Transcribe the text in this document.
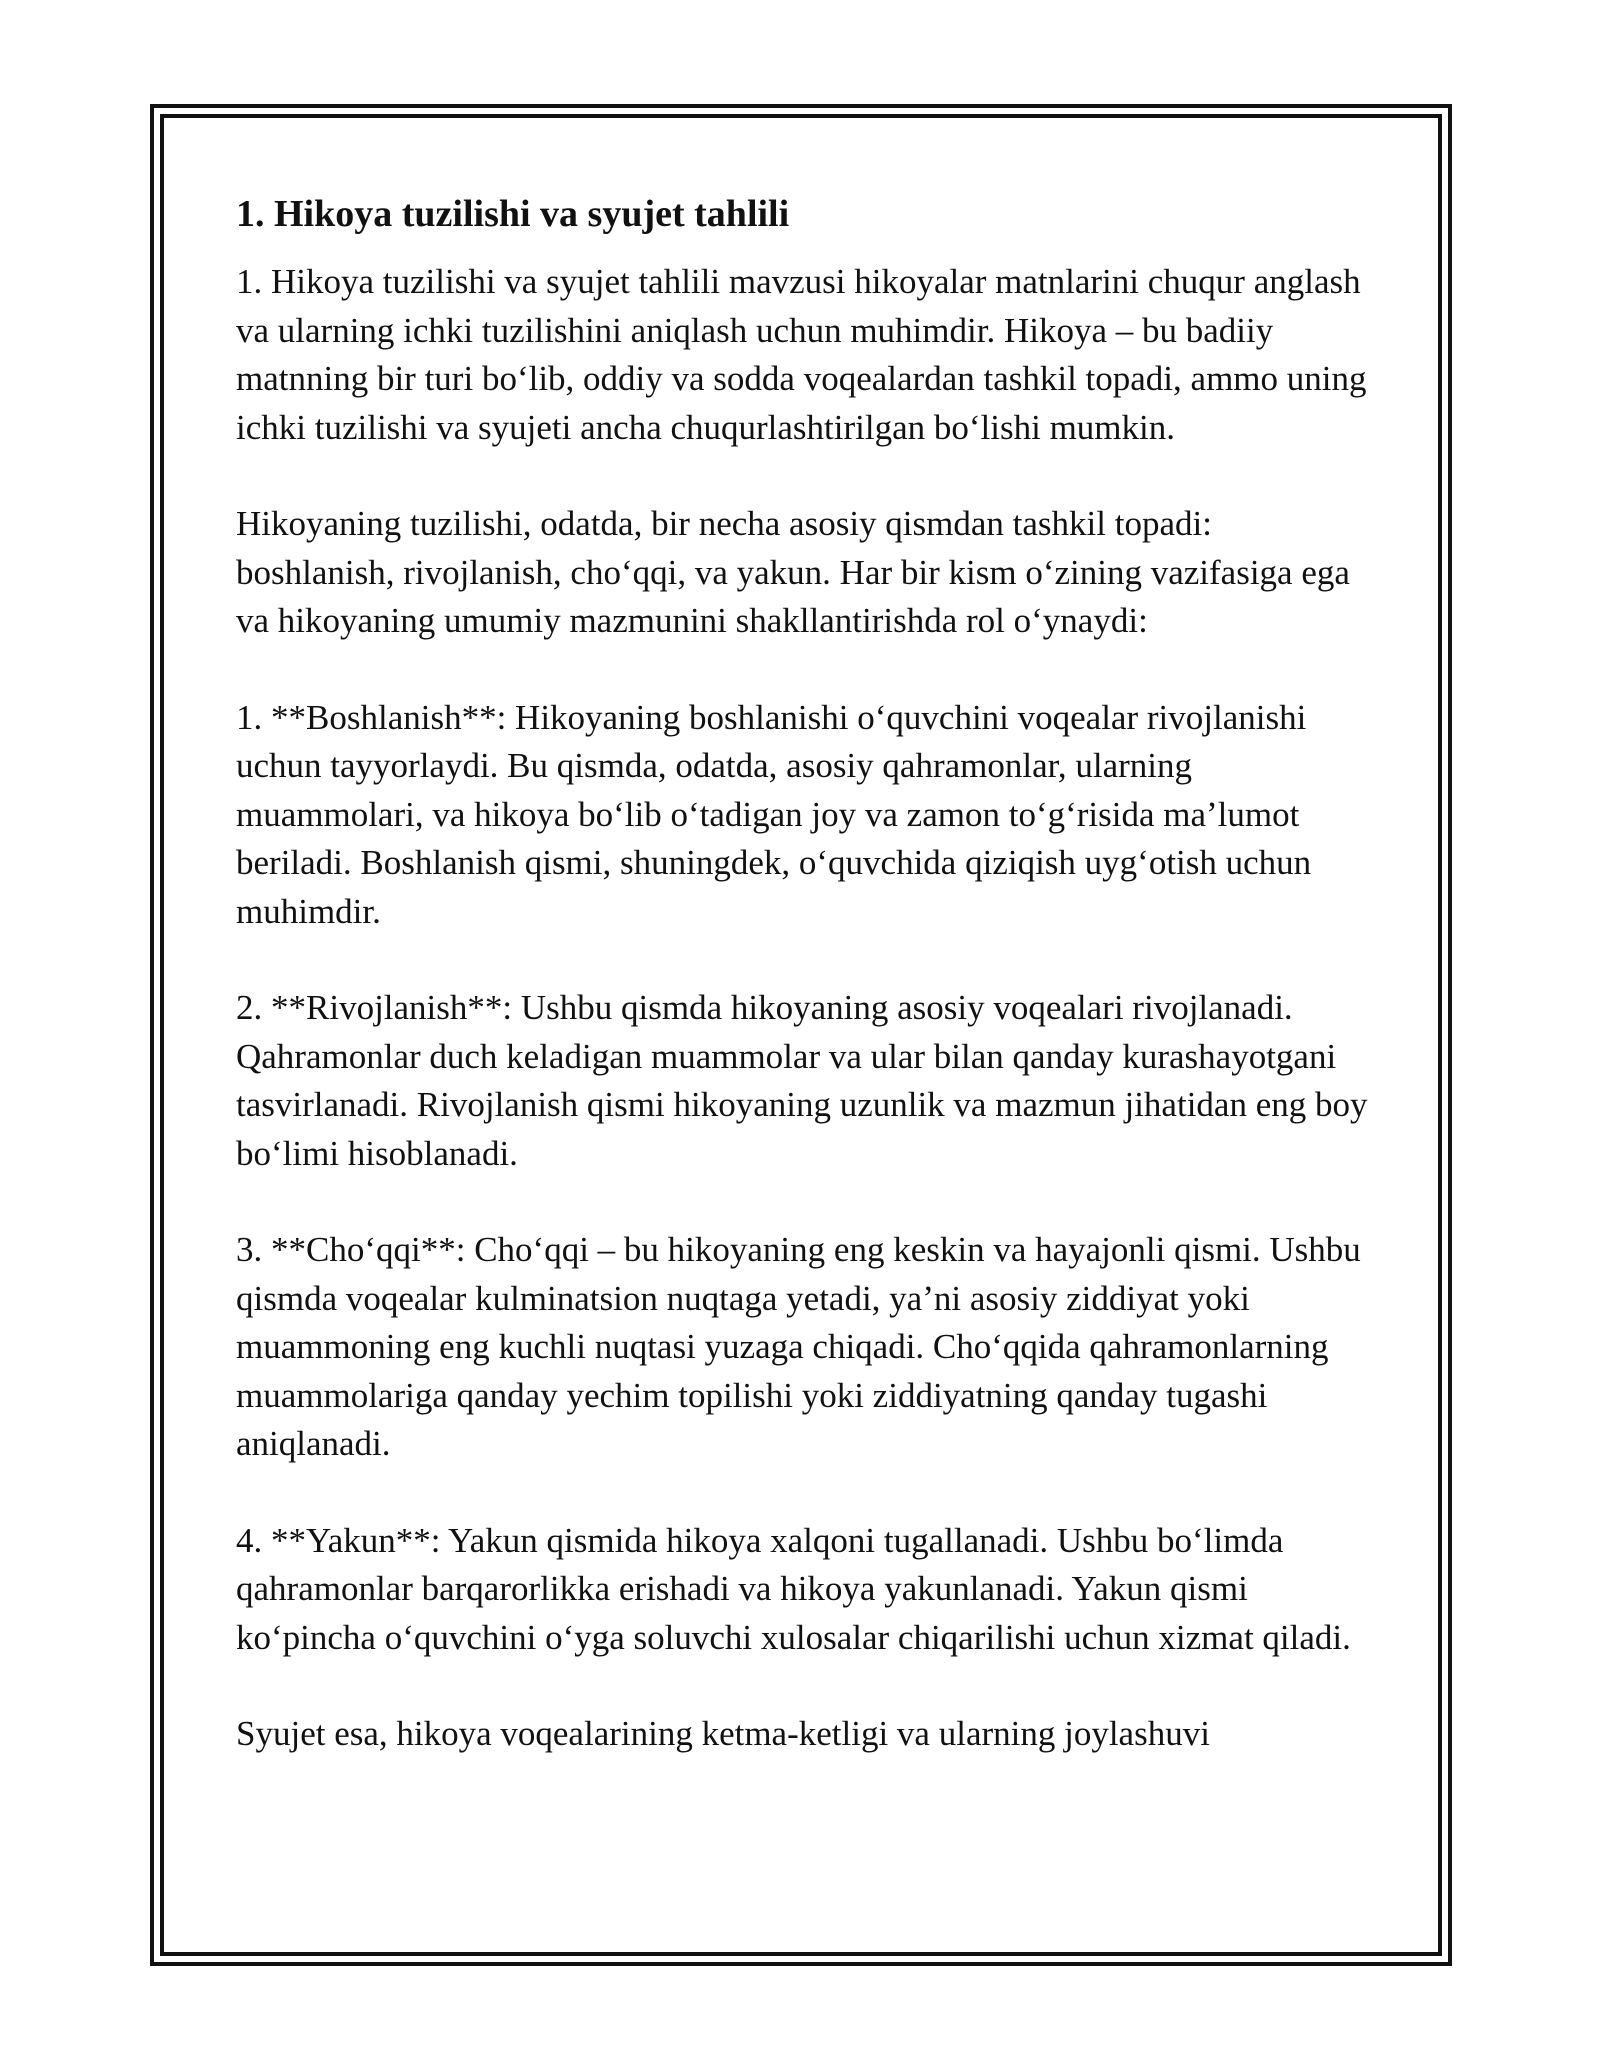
1. Hikoya tuzilishi va syujet tahlili

1. Hikoya tuzilishi va syujet tahlili mavzusi hikoyalar matnlarini chuqur anglash va ularning ichki tuzilishini aniqlash uchun muhimdir. Hikoya – bu badiiy matnning bir turi boʻlib, oddiy va sodda voqealardan tashkil topadi, ammo uning ichki tuzilishi va syujeti ancha chuqurlashtirilgan boʻlishi mumkin.

Hikoyaning tuzilishi, odatda, bir necha asosiy qismdan tashkil topadi: boshlanish, rivojlanish, choʻqqi, va yakun. Har bir kism oʻzining vazifasiga ega va hikoyaning umumiy mazmunini shakllantirishda rol oʻynaydi:

1. **Boshlanish**: Hikoyaning boshlanishi oʻquvchini voqealar rivojlanishi uchun tayyorlaydi. Bu qismda, odatda, asosiy qahramonlar, ularning muammolari, va hikoya boʻlib oʻtadigan joy va zamon toʻgʻrisida maʼlumot beriladi. Boshlanish qismi, shuningdek, oʻquvchida qiziqish uygʻotish uchun muhimdir.

2. **Rivojlanish**: Ushbu qismda hikoyaning asosiy voqealari rivojlanadi. Qahramonlar duch keladigan muammolar va ular bilan qanday kurashayotgani tasvirlanadi. Rivojlanish qismi hikoyaning uzunlik va mazmun jihatidan eng boy boʻlimi hisoblanadi.

3. **Choʻqqi**: Choʻqqi – bu hikoyaning eng keskin va hayajonli qismi. Ushbu qismda voqealar kulminatsion nuqtaga yetadi, yaʼni asosiy ziddiyat yoki muammoning eng kuchli nuqtasi yuzaga chiqadi. Choʻqqida qahramonlarning muammolariga qanday yechim topilishi yoki ziddiyatning qanday tugashi aniqlanadi.

4. **Yakun**: Yakun qismida hikoya xalqoni tugallanadi. Ushbu boʻlimda qahramonlar barqarorlikka erishadi va hikoya yakunlanadi. Yakun qismi koʻpincha oʻquvchini oʻyga soluvchi xulosalar chiqarilishi uchun xizmat qiladi.

Syujet esa, hikoya voqealarining ketma-ketligi va ularning joylashuvi
